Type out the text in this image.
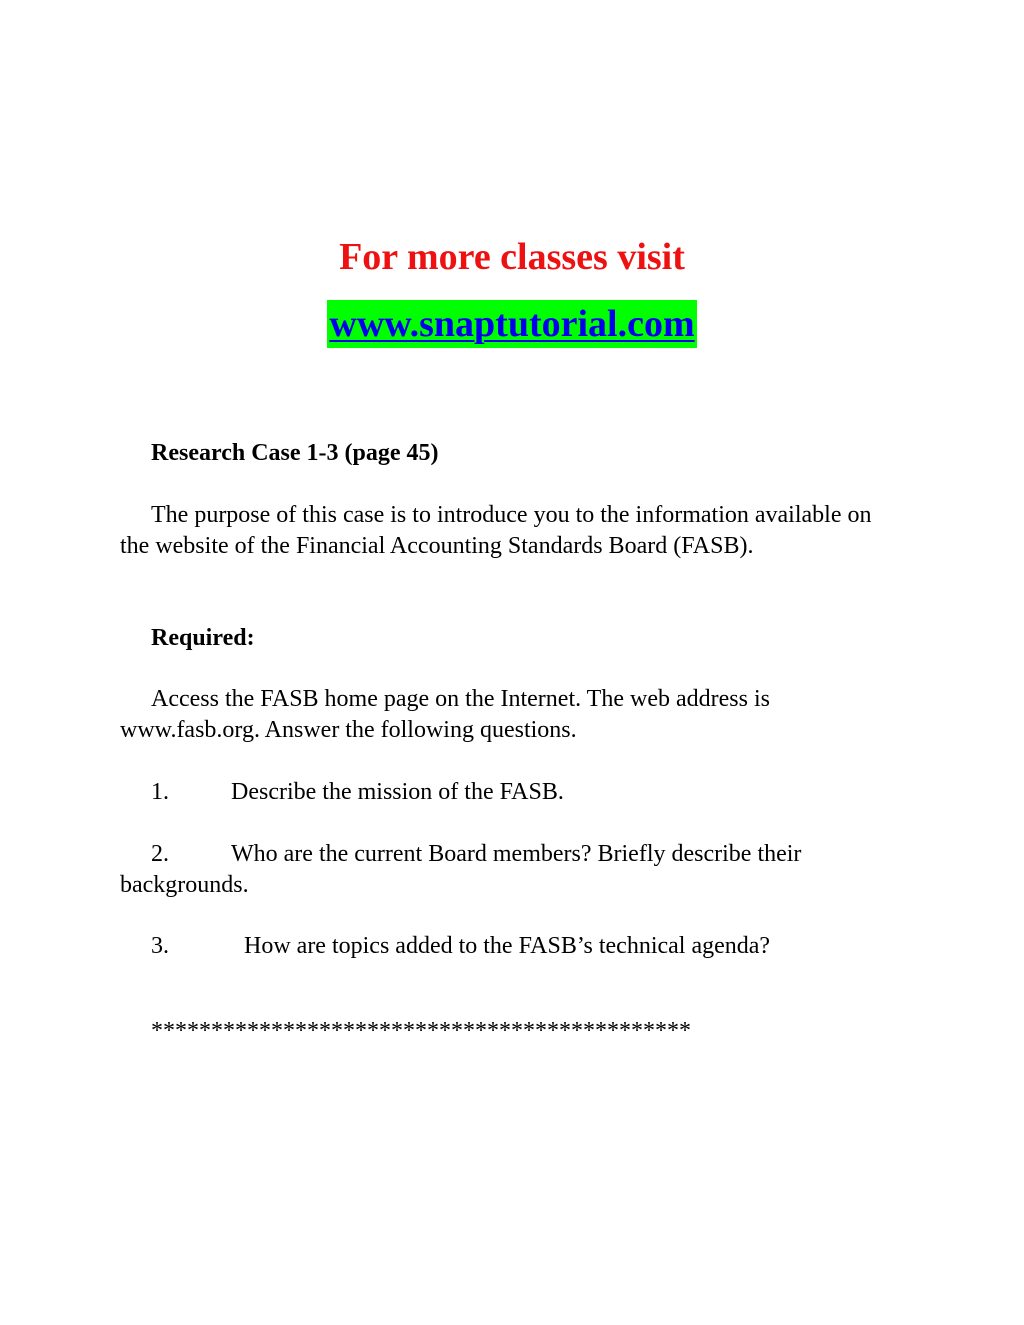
For more classes visit
www.snaptutorial.com
Research Case 1-3 (page 45)
The purpose of this case is to introduce you to the information available on the website of the Financial Accounting Standards Board (FASB).
Required:
Access the FASB home page on the Internet. The web address is www.fasb.org. Answer the following questions.
1.	Describe the mission of the FASB.
2.	Who are the current Board members? Briefly describe their backgrounds.
3.	How are topics added to the FASB’s technical agenda?
*********************************************
